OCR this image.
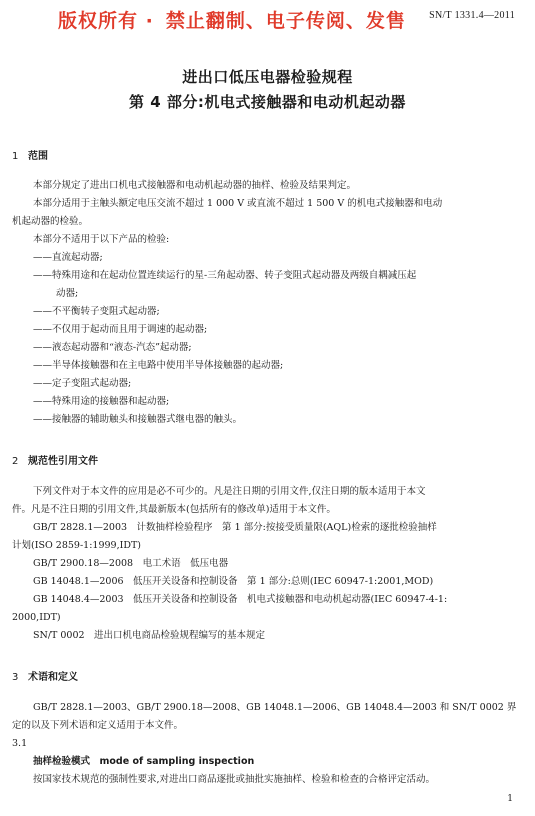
版权所有 · 禁止翻制、电子传阅、发售 SN/T 1331.4—2011
进出口低压电器检验规程
第 4 部分:机电式接触器和电动机起动器
1 范围
本部分规定了进出口机电式接触器和电动机起动器的抽样、检验及结果判定。
本部分适用于主触头额定电压交流不超过 1 000 V 或直流不超过 1 500 V 的机电式接触器和电动
机起动器的检验。
本部分不适用于以下产品的检验:
——直流起动器;
——特殊用途和在起动位置连续运行的星-三角起动器、转子变阻式起动器及两级自耦减压起
动器;
——不平衡转子变阻式起动器;
——不仅用于起动而且用于调速的起动器;
——液态起动器和“液态-汽态”起动器;
——半导体接触器和在主电路中使用半导体接触器的起动器;
——定子变阻式起动器;
——特殊用途的接触器和起动器;
——接触器的辅助触头和接触器式继电器的触头。
2 规范性引用文件
下列文件对于本文件的应用是必不可少的。凡是注日期的引用文件,仅注日期的版本适用于本文
件。凡是不注日期的引用文件,其最新版本(包括所有的修改单)适用于本文件。
GB/T 2828.1—2003　计数抽样检验程序　第 1 部分:按接受质量限(AQL)检索的逐批检验抽样
计划(ISO 2859-1:1999,IDT)
GB/T 2900.18—2008　电工术语　低压电器
GB 14048.1—2006　低压开关设备和控制设备　第 1 部分:总则(IEC 60947-1:2001,MOD)
GB 14048.4—2003　低压开关设备和控制设备　机电式接触器和电动机起动器(IEC 60947-4-1:
2000,IDT)
SN/T 0002　进出口机电商品检验规程编写的基本规定
3 术语和定义
GB/T 2828.1—2003、GB/T 2900.18—2008、GB 14048.1—2006、GB 14048.4—2003 和 SN/T 0002 界
定的以及下列术语和定义适用于本文件。
3.1
抽样检验模式　mode of sampling inspection
按国家技术规范的强制性要求,对进出口商品逐批或抽批实施抽样、检验和检查的合格评定活动。
1
